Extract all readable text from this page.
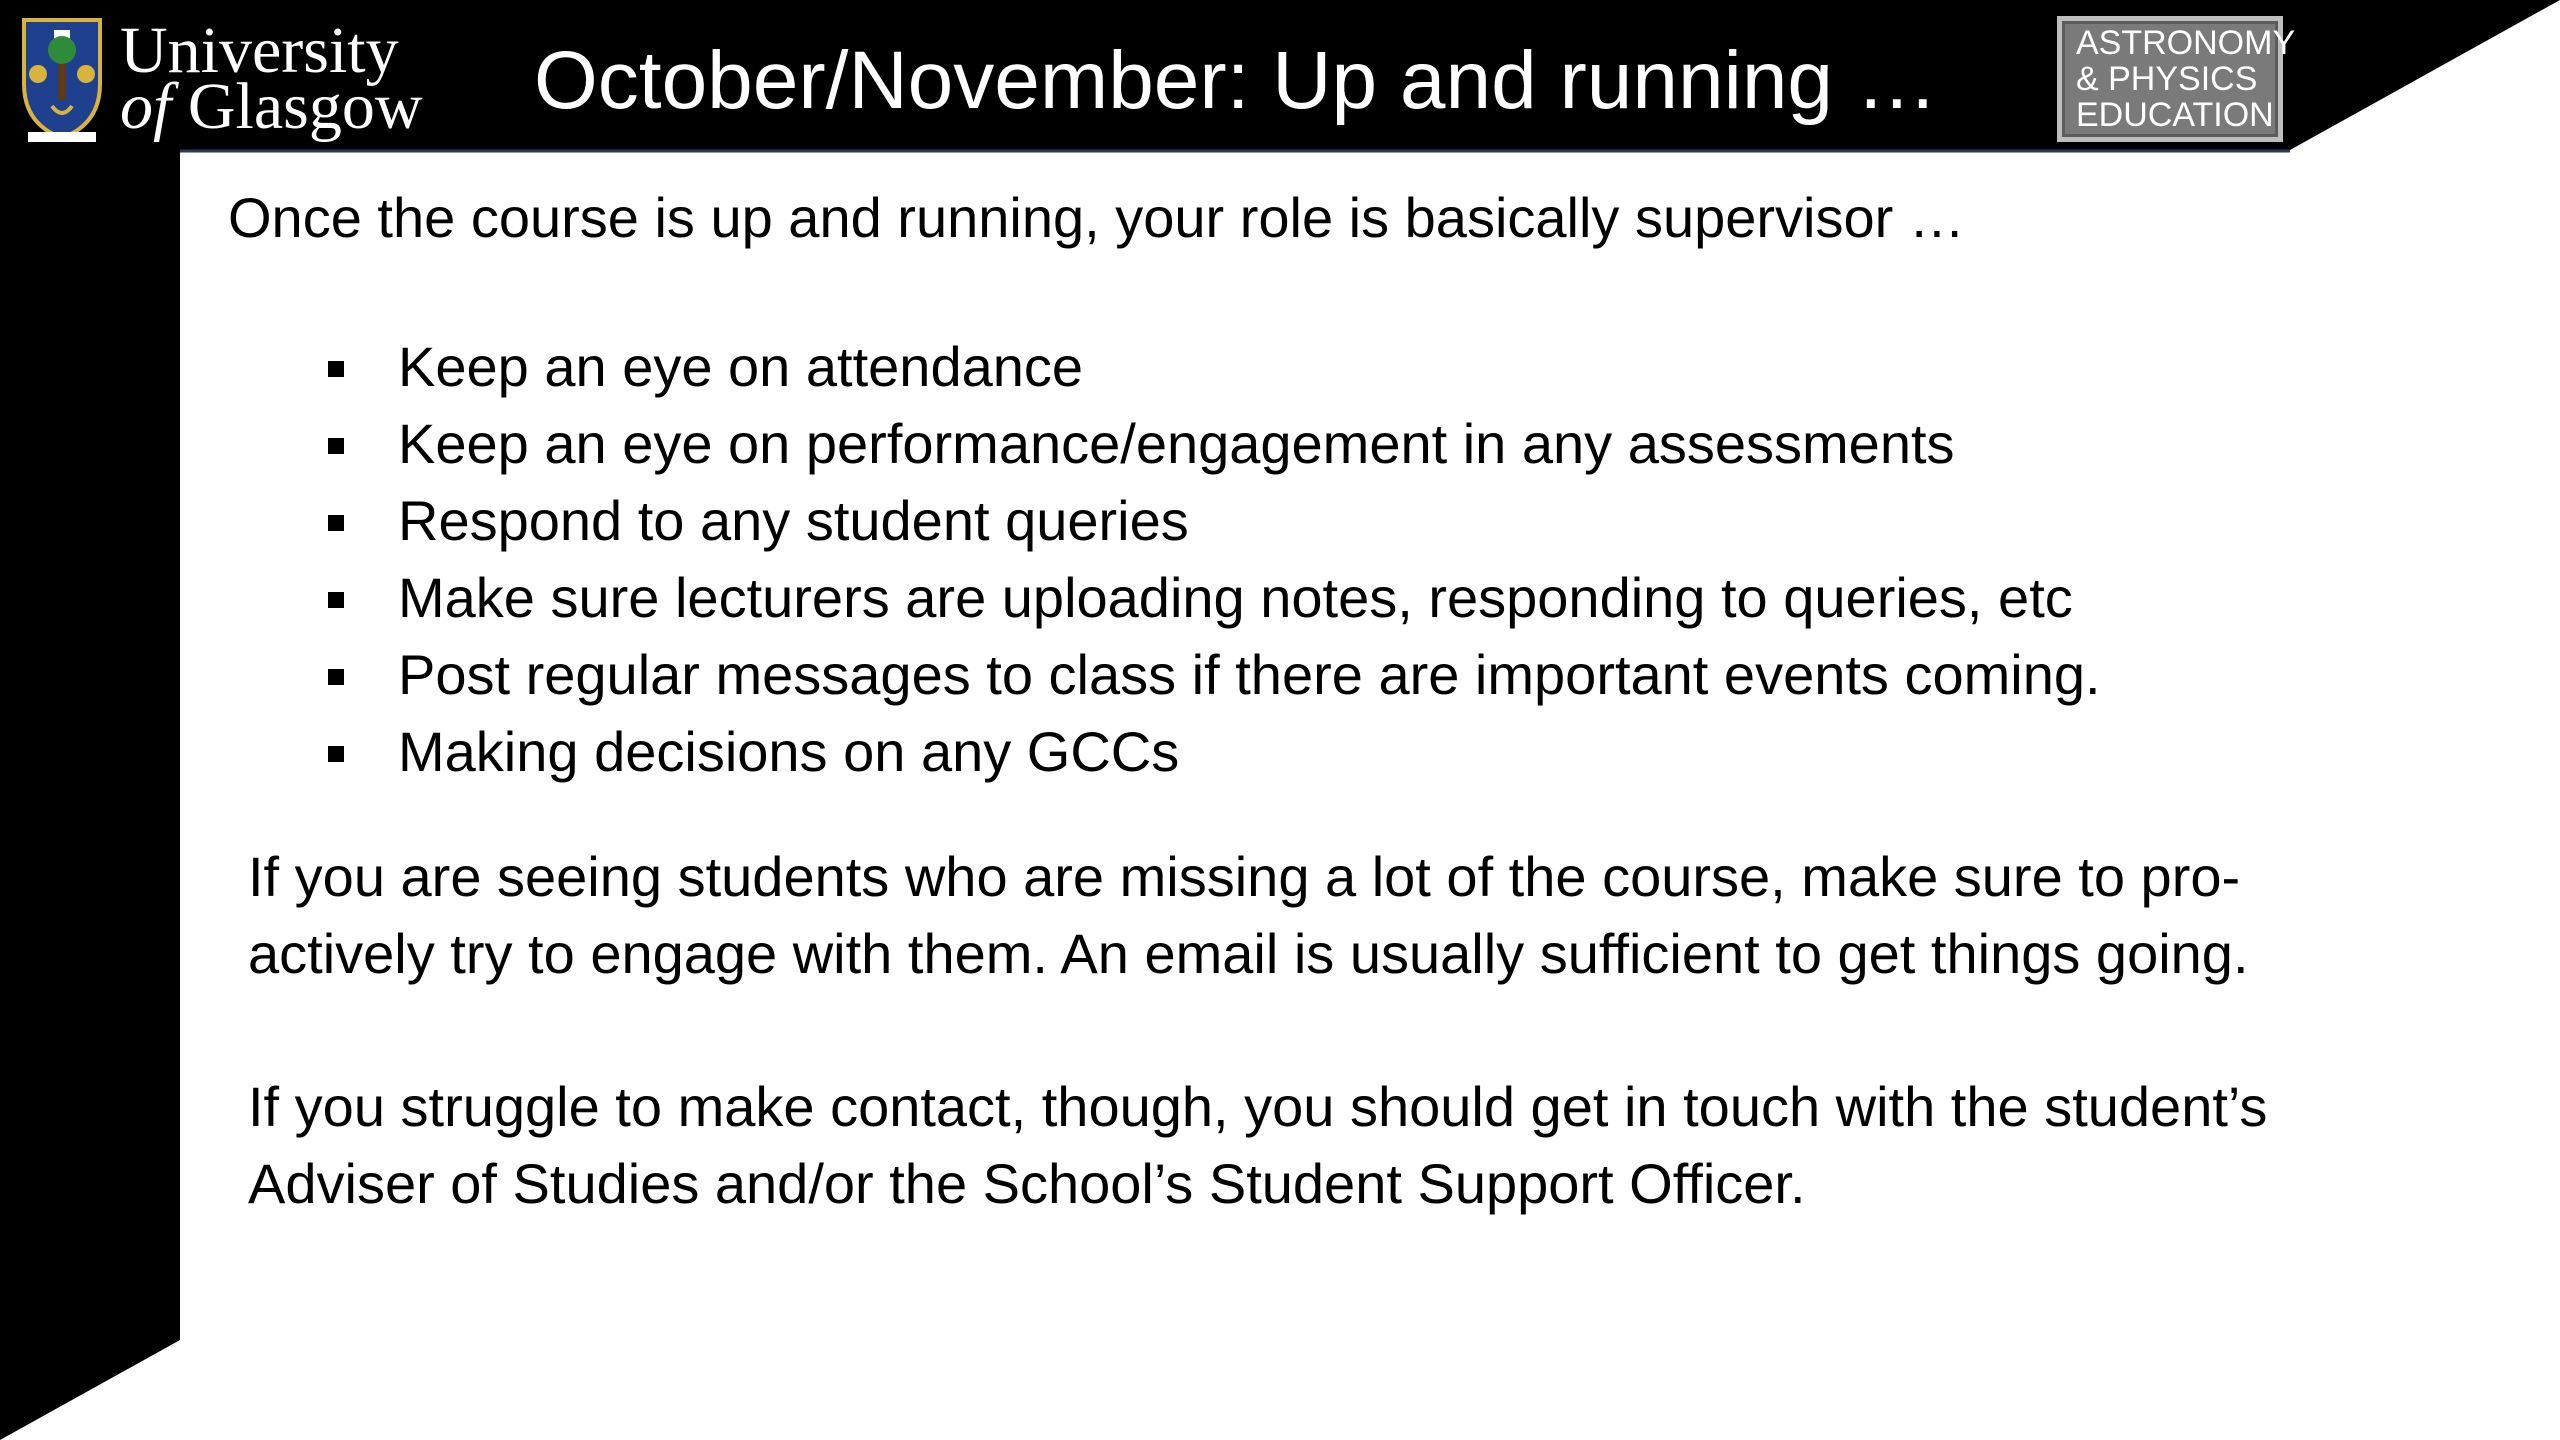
University
of Glasgow October/November: Up and running …	ASTRONOMY
& PHYSICS
EDUCATION

Once the course is up and running, your role is basically supervisor …

Keep an eye on attendance
Keep an eye on performance/engagement in any assessments
Respond to any student queries
Make sure lecturers are uploading notes, responding to queries, etc
Post regular messages to class if there are important events coming.
Making decisions on any GCCs
If you are seeing students who are missing a lot of the course, make sure to pro-
actively try to engage with them. An email is usually sufficient to get things going.
If you struggle to make contact, though, you should get in touch with the student’s
Adviser of Studies and/or the School’s Student Support Officer.
